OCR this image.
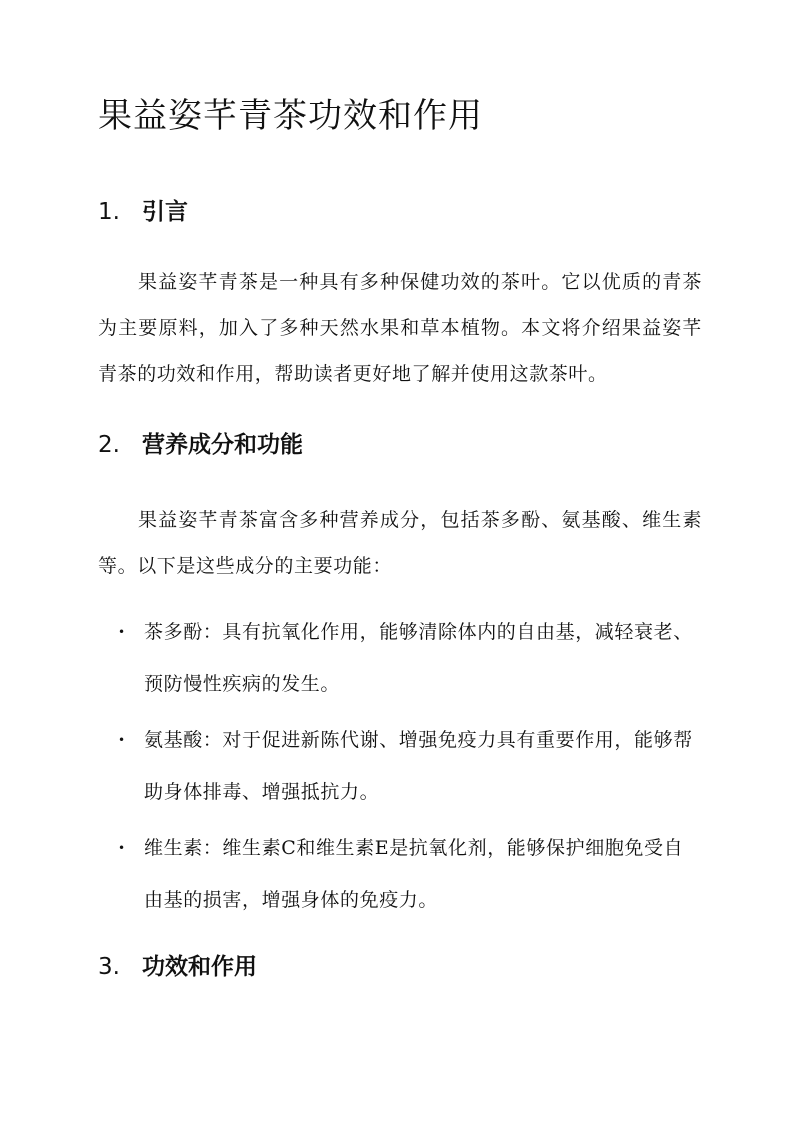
果益姿芊青茶功效和作用
1. 引言

果益姿芊青茶是一种具有多种保健功效的茶叶。它以优质的青茶为主要原料，加入了多种天然水果和草本植物。本文将介绍果益姿芊青茶的功效和作用，帮助读者更好地了解并使用这款茶叶。

2. 营养成分和功能

果益姿芊青茶富含多种营养成分，包括茶多酚、氨基酸、维生素等。以下是这些成分的主要功能：

• 茶多酚：具有抗氧化作用，能够清除体内的自由基，减轻衰老、预防慢性疾病的发生。
• 氨基酸：对于促进新陈代谢、增强免疫力具有重要作用，能够帮助身体排毒、增强抵抗力。
• 维生素：维生素C和维生素E是抗氧化剂，能够保护细胞免受自由基的损害，增强身体的免疫力。
3. 功效和作用
